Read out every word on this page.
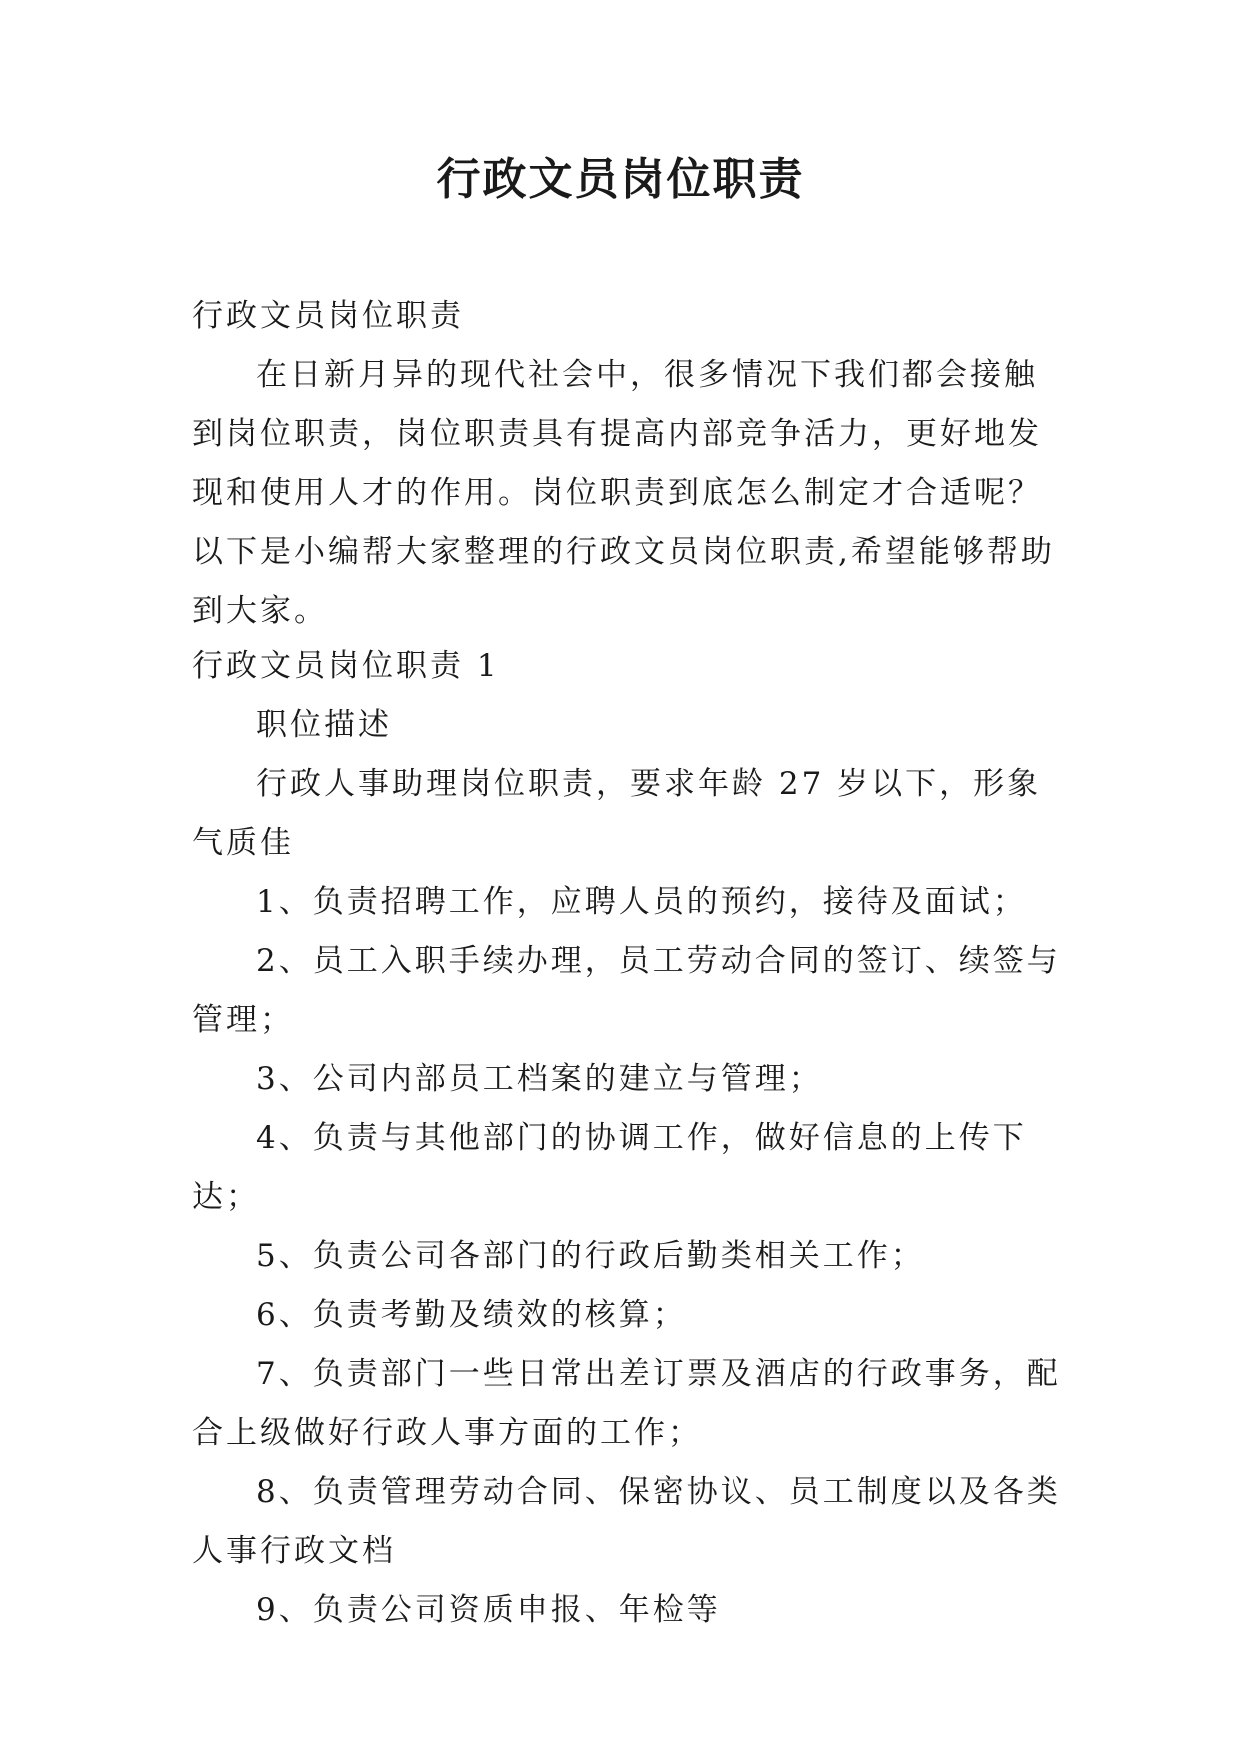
行政文员岗位职责

行政文员岗位职责

在日新月异的现代社会中，很多情况下我们都会接触到岗位职责，岗位职责具有提高内部竞争活力，更好地发现和使用人才的作用。岗位职责到底怎么制定才合适呢？以下是小编帮大家整理的行政文员岗位职责,希望能够帮助到大家。

行政文员岗位职责 1

职位描述

行政人事助理岗位职责，要求年龄 27 岁以下，形象气质佳

1、负责招聘工作，应聘人员的预约，接待及面试；

2、员工入职手续办理，员工劳动合同的签订、续签与管理；

3、公司内部员工档案的建立与管理；

4、负责与其他部门的协调工作，做好信息的上传下达；

5、负责公司各部门的行政后勤类相关工作；

6、负责考勤及绩效的核算；

7、负责部门一些日常出差订票及酒店的行政事务，配合上级做好行政人事方面的工作；

8、负责管理劳动合同、保密协议、员工制度以及各类人事行政文档

9、负责公司资质申报、年检等
